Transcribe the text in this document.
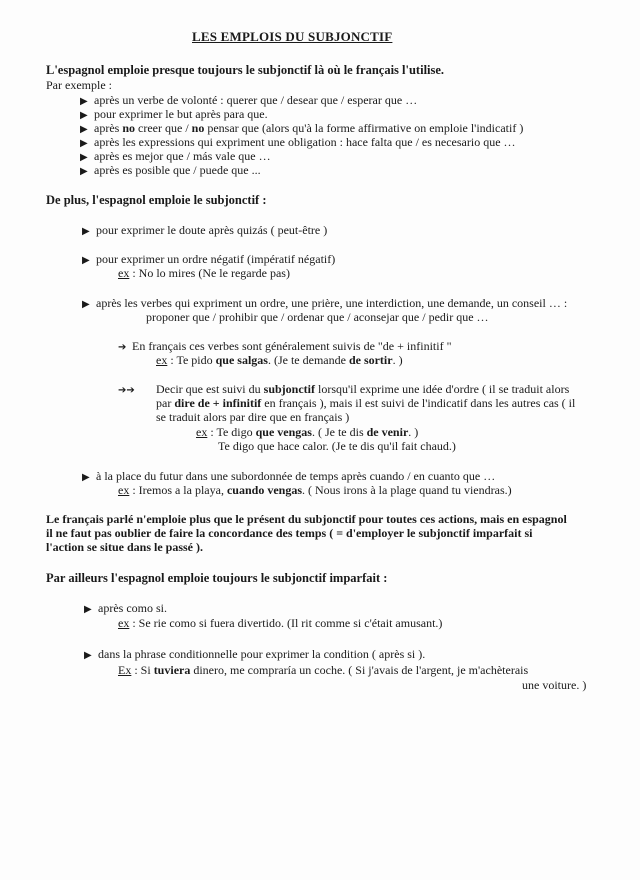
LES EMPLOIS DU SUBJONCTIF
L'espagnol emploie presque toujours le subjonctif là où le français l'utilise.
Par exemple :
▶ après un verbe de volonté : querer que / desear que / esperar que …
▶ pour exprimer le but après para que.
▶ après no creer que / no pensar que (alors qu'à la forme affirmative on emploie l'indicatif )
▶ après les expressions qui expriment une obligation : hace falta que / es necesario que …
▶ après es mejor que / más vale que …
▶ après es posible que / puede que ...
De plus, l'espagnol emploie le subjonctif :
▶ pour exprimer le doute après quizás ( peut-être )
▶ pour exprimer un ordre négatif (impératif négatif)
ex : No lo mires (Ne le regarde pas)
▶ après les verbes qui expriment un ordre, une prière, une interdiction, une demande, un conseil … :
proponer que / prohibir que / ordenar que / aconsejar que / pedir que …
➔ En français ces verbes sont généralement suivis de "de + infinitif "
ex : Te pido que salgas. (Je te demande de sortir. )
➔➔ Decir que est suivi du subjonctif lorsqu'il exprime une idée d'ordre ( il se traduit alors
par dire de + infinitif en français ), mais il est suivi de l'indicatif dans les autres cas ( il
se traduit alors par dire que en français )
ex : Te digo que vengas. ( Je te dis de venir. )
Te digo que hace calor. (Je te dis qu'il fait chaud.)
▶ à la place du futur dans une subordonnée de temps après cuando / en cuanto que …
ex : Iremos a la playa, cuando vengas. ( Nous irons à la plage quand tu viendras.)
Le français parlé n'emploie plus que le présent du subjonctif pour toutes ces actions, mais en espagnol
il ne faut pas oublier de faire la concordance des temps ( = d'employer le subjonctif imparfait si
l'action se situe dans le passé ).
Par ailleurs l'espagnol emploie toujours le subjonctif imparfait :
▶ après como si.
ex : Se rie como si fuera divertido. (Il rit comme si c'était amusant.)
▶ dans la phrase conditionnelle pour exprimer la condition ( après si ).
Ex : Si tuviera dinero, me compraría un coche. ( Si j'avais de l'argent, je m'achèterais
une voiture. )
